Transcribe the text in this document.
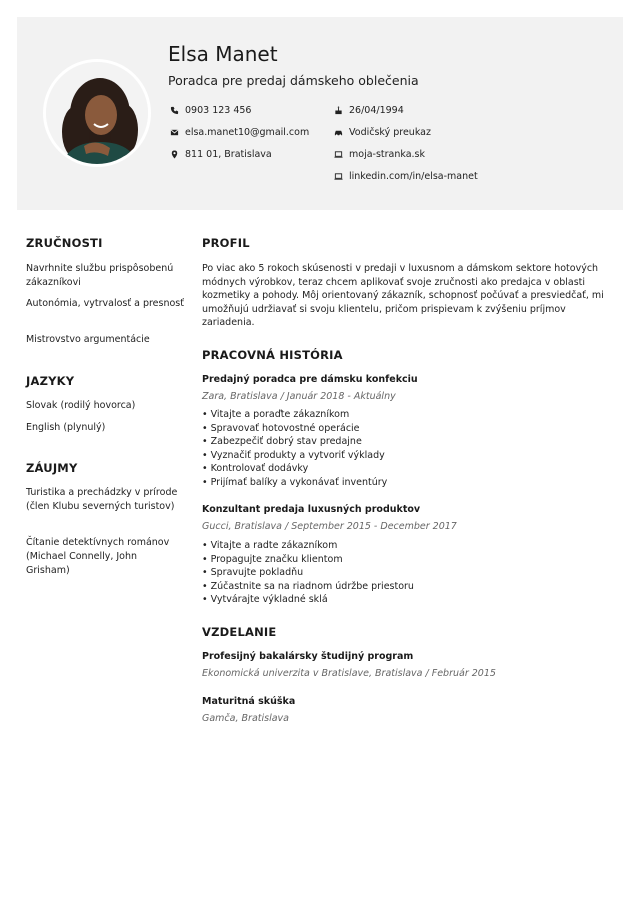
Elsa Manet
Poradca pre predaj dámskeho oblečenia
0903 123 456
elsa.manet10@gmail.com
811 01, Bratislava
26/04/1994
Vodičský preukaz
moja-stranka.sk
linkedin.com/in/elsa-manet
ZRUČNOSTI
Navrhnite službu prispôsobenú zákazníkovi
Autonómia, vytrvalosť a presnosť
Mistrovstvo argumentácie
JAZYKY
Slovak (rodilý hovorca)
English (plynulý)
ZÁUJMY
Turistika a prechádzky v prírode (člen Klubu severných turistov)
Čítanie detektívnych románov (Michael Connelly, John Grisham)
PROFIL
Po viac ako 5 rokoch skúsenosti v predaji v luxusnom a dámskom sektore hotových módnych výrobkov, teraz chcem aplikovať svoje zručnosti ako predajca v oblasti kozmetiky a pohody. Môj orientovaný zákazník, schopnosť počúvať a presviedčať, mi umožňujú udržiavať si svoju klientelu, pričom prispievam k zvýšeniu príjmov zariadenia.
PRACOVNÁ HISTÓRIA
Predajný poradca pre dámsku konfekciu
Zara, Bratislava / Január 2018 - Aktuálny
• Vitajte a poraďte zákazníkom
• Spravovať hotovostné operácie
• Zabezpečiť dobrý stav predajne
• Vyznačiť produkty a vytvoriť výklady
• Kontrolovať dodávky
• Prijímať balíky a vykonávať inventúry
Konzultant predaja luxusných produktov
Gucci, Bratislava / September 2015 - December 2017
• Vitajte a radte zákazníkom
• Propagujte značku klientom
• Spravujte pokladňu
• Zúčastnite sa na riadnom údržbe priestoru
• Vytvárajte výkladné sklá
VZDELANIE
Profesijný bakalársky študijný program
Ekonomická univerzita v Bratislave, Bratislava / Február 2015
Maturitná skúška
Gamča, Bratislava
